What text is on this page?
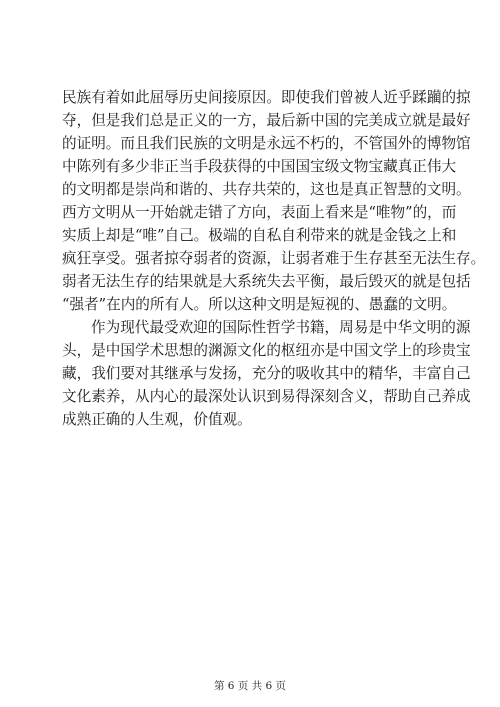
民族有着如此屈辱历史间接原因。即使我们曾被人近乎蹂躏的掠
夺，但是我们总是正义的一方，最后新中国的完美成立就是最好
的证明。而且我们民族的文明是永远不朽的，不管国外的博物馆
中陈列有多少非正当手段获得的中国国宝级文物宝藏真正伟大
的文明都是崇尚和谐的、共存共荣的，这也是真正智慧的文明。
西方文明从一开始就走错了方向，表面上看来是“唯物”的，而
实质上却是“唯”自己。极端的自私自利带来的就是金钱之上和
疯狂享受。强者掠夺弱者的资源，让弱者难于生存甚至无法生存。
弱者无法生存的结果就是大系统失去平衡，最后毁灭的就是包括
“强者”在内的所有人。所以这种文明是短视的、愚蠢的文明。
作为现代最受欢迎的国际性哲学书籍，周易是中华文明的源
头，是中国学术思想的渊源文化的枢纽亦是中国文学上的珍贵宝
藏，我们要对其继承与发扬，充分的吸收其中的精华，丰富自己
文化素养，从内心的最深处认识到易得深刻含义，帮助自己养成
成熟正确的人生观，价值观。
第 6 页 共 6 页
